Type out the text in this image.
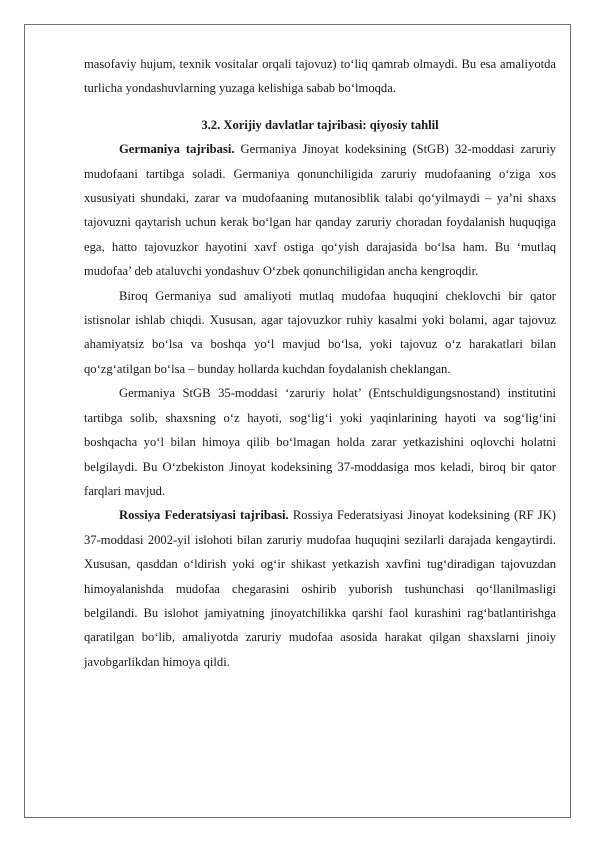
masofaviy hujum, texnik vositalar orqali tajovuz) to‘liq qamrab olmaydi. Bu esa amaliyotda turlicha yondashuvlarning yuzaga kelishiga sabab bo‘lmoqda.

3.2. Xorijiy davlatlar tajribasi: qiyosiy tahlil

Germaniya tajribasi. Germaniya Jinoyat kodeksining (StGB) 32-moddasi zaruriy mudofaani tartibga soladi. Germaniya qonunchiligida zaruriy mudofaaning o‘ziga xos xususiyati shundaki, zarar va mudofaaning mutanosiblik talabi qo‘yilmaydi – ya’ni shaxs tajovuzni qaytarish uchun kerak bo‘lgan har qanday zaruriy choradan foydalanish huquqiga ega, hatto tajovuzkor hayotini xavf ostiga qo‘yish darajasida bo‘lsa ham. Bu ‘mutlaq mudofaa’ deb ataluvchi yondashuv O‘zbek qonunchiligidan ancha kengroqdir.

Biroq Germaniya sud amaliyoti mutlaq mudofaa huquqini cheklovchi bir qator istisnolar ishlab chiqdi. Xususan, agar tajovuzkor ruhiy kasalmi yoki bolami, agar tajovuz ahamiyatsiz bo‘lsa va boshqa yo‘l mavjud bo‘lsa, yoki tajovuz o‘z harakatlari bilan qo‘zg‘atilgan bo‘lsa – bunday hollarda kuchdan foydalanish cheklangan.

Germaniya StGB 35-moddasi ‘zaruriy holat’ (Entschuldigungsnostand) institutini tartibga solib, shaxsning o‘z hayoti, sog‘lig‘i yoki yaqinlarining hayoti va sog‘lig‘ini boshqacha yo‘l bilan himoya qilib bo‘lmagan holda zarar yetkazishini oqlovchi holatni belgilaydi. Bu O‘zbekiston Jinoyat kodeksining 37-moddasiga mos keladi, biroq bir qator farqlari mavjud.

Rossiya Federatsiyasi tajribasi. Rossiya Federatsiyasi Jinoyat kodeksining (RF JK) 37-moddasi 2002-yil islohoti bilan zaruriy mudofaa huquqini sezilarli darajada kengaytirdi. Xususan, qasddan o‘ldirish yoki og‘ir shikast yetkazish xavfini tug‘diradigan tajovuzdan himoyalanishda mudofaa chegarasini oshirib yuborish tushunchasi qo‘llanilmasligi belgilandi. Bu islohot jamiyatning jinoyatchilikka qarshi faol kurashini rag‘batlantirishga qaratilgan bo‘lib, amaliyotda zaruriy mudofaa asosida harakat qilgan shaxslarni jinoiy javobgarlikdan himoya qildi.
